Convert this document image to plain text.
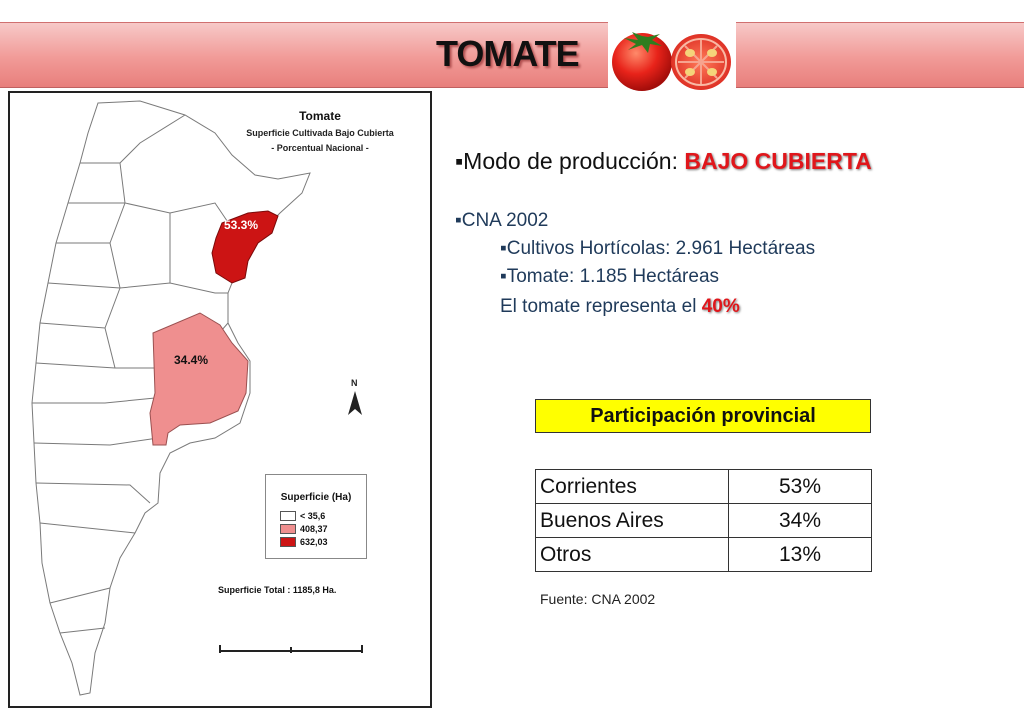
TOMATE
Tomate
Superficie Cultivada Bajo Cubierta
- Porcentual Nacional -
53.3%
34.4%
N
Superficie (Ha)
< 35,6
408,37
632,03
Superficie Total : 1185,8 Ha.
▪Modo de producción: BAJO CUBIERTA
▪CNA 2002
▪Cultivos Hortícolas: 2.961 Hectáreas
▪Tomate: 1.185 Hectáreas
El tomate representa el 40%
Participación provincial
Corrientes	53%
Buenos Aires	34%
Otros	13%
Fuente: CNA 2002
